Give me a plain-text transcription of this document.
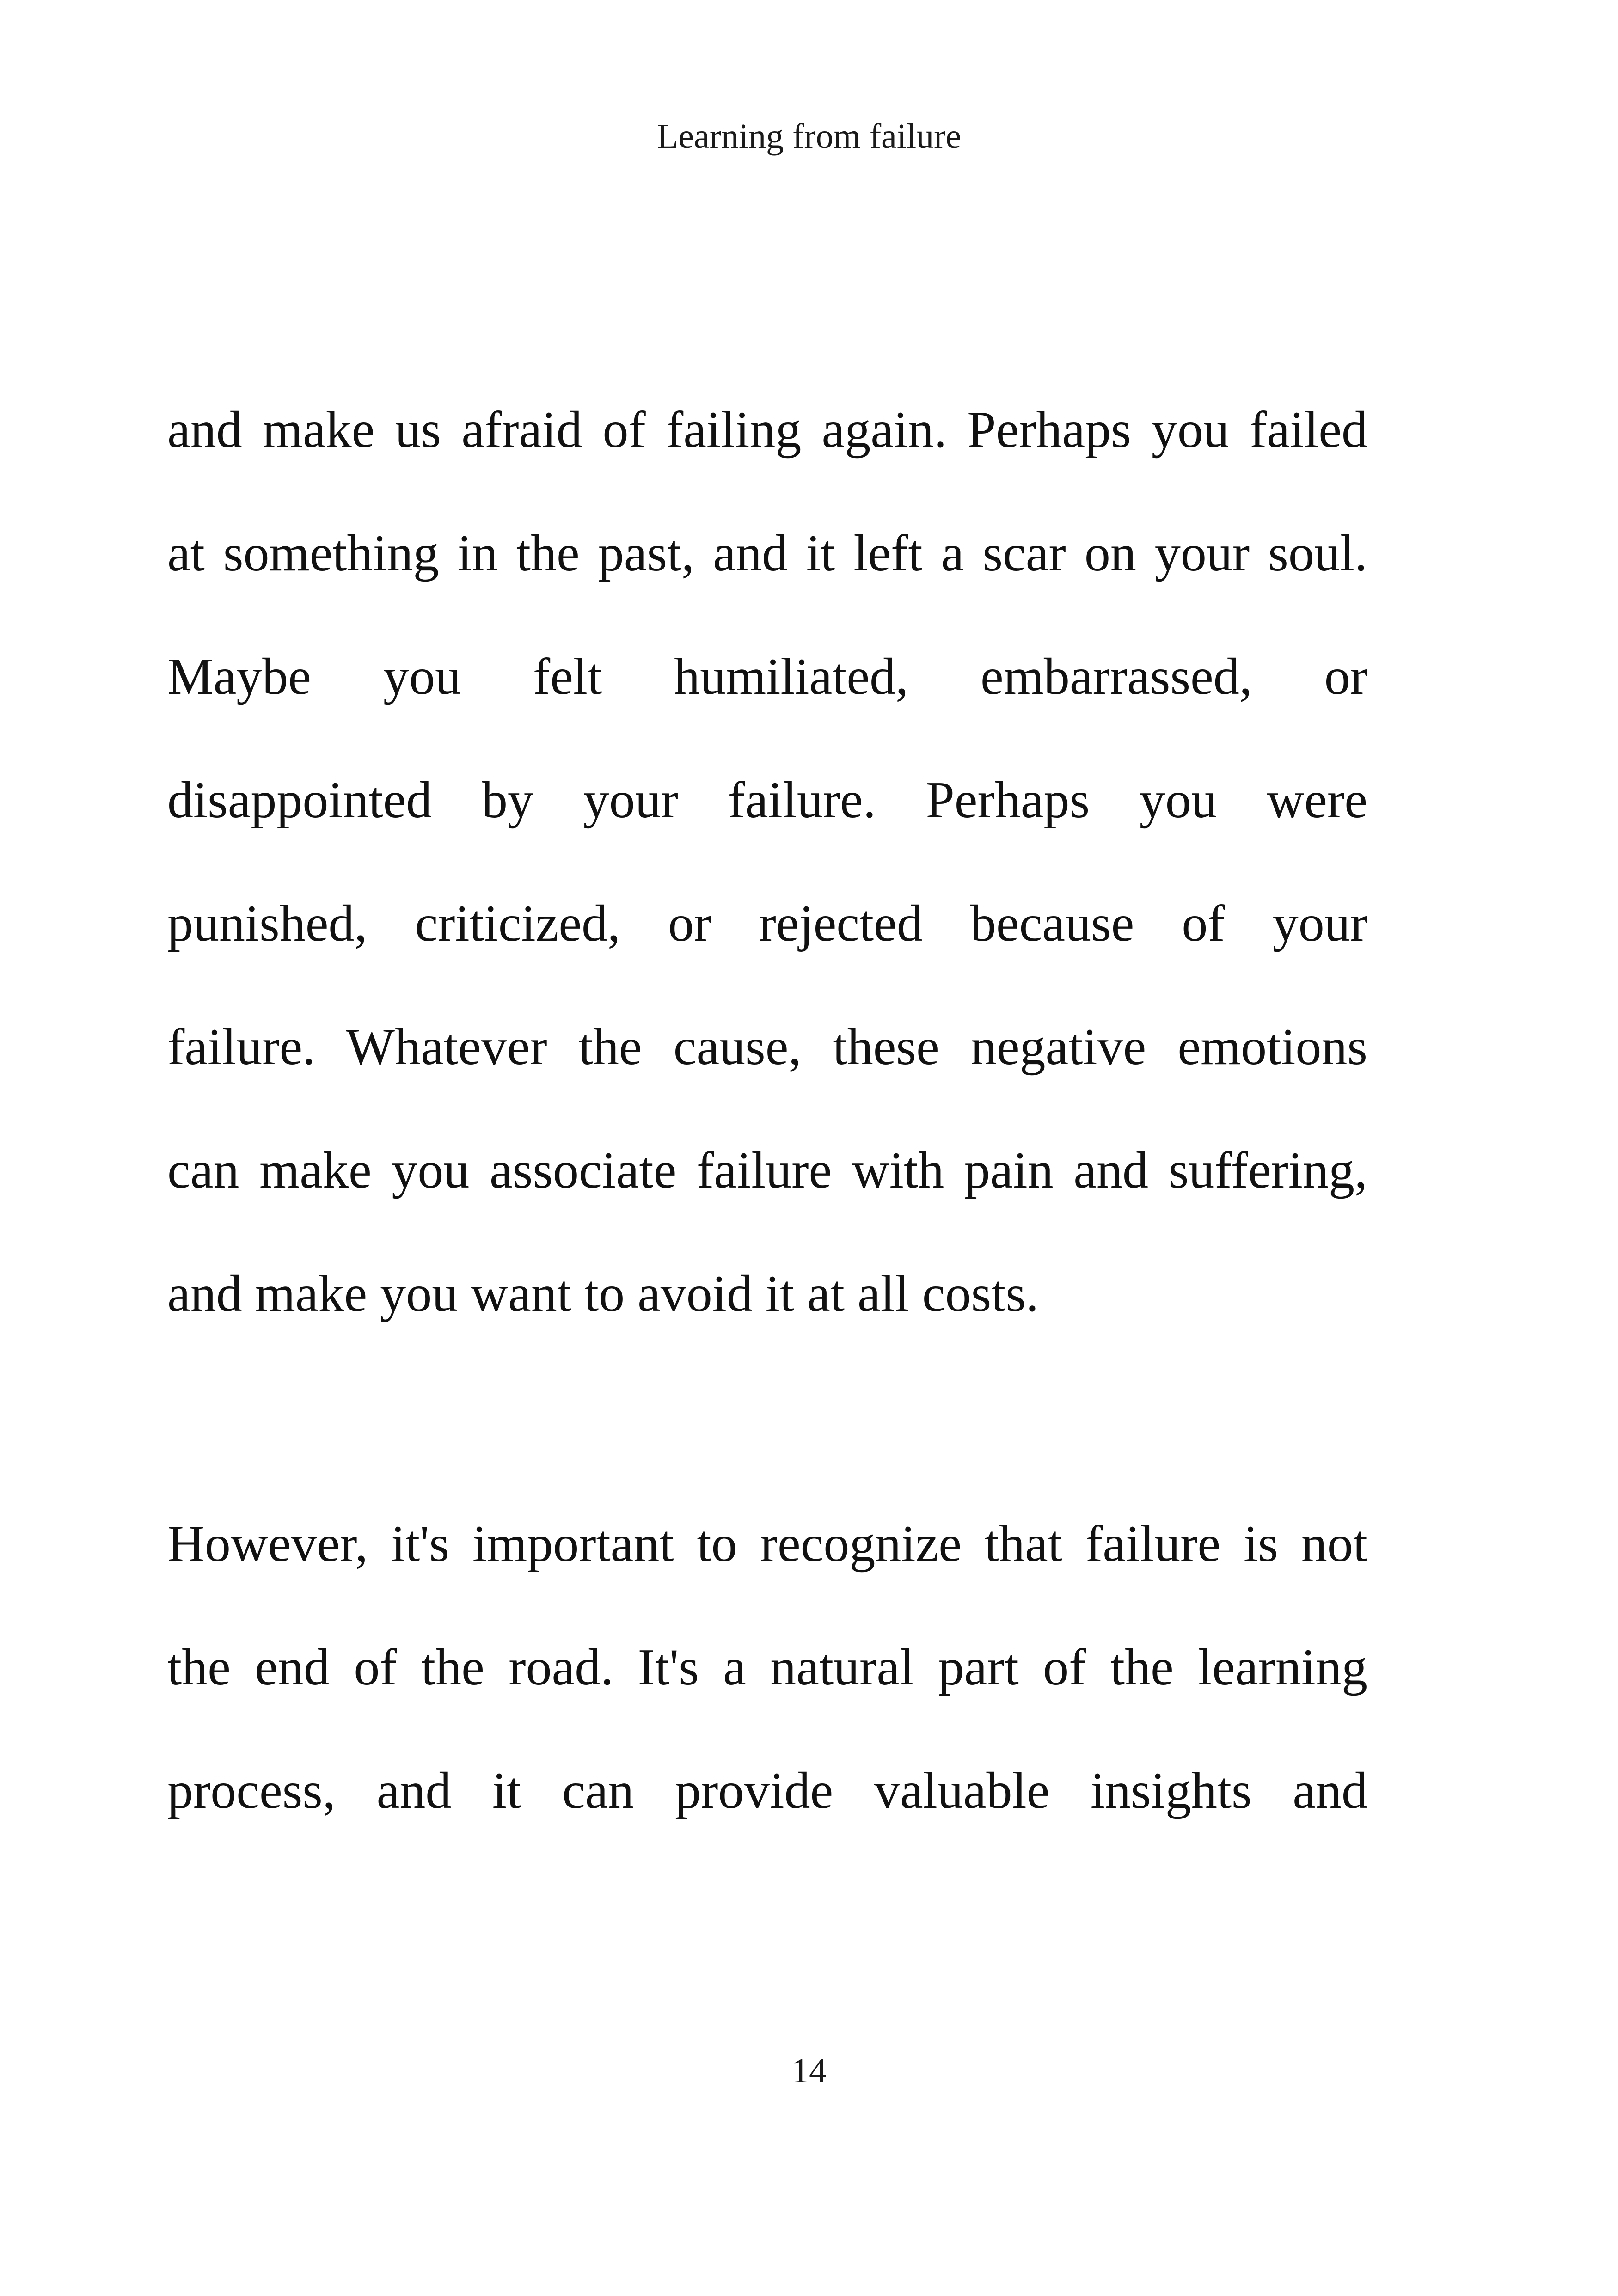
Learning from failure
and make us afraid of failing again. Perhaps you failed
at something in the past, and it left a scar on your soul.
Maybe you felt humiliated, embarrassed, or
disappointed by your failure. Perhaps you were
punished, criticized, or rejected because of your
failure. Whatever the cause, these negative emotions
can make you associate failure with pain and suffering,
and make you want to avoid it at all costs.
However, it's important to recognize that failure is not
the end of the road. It's a natural part of the learning
process, and it can provide valuable insights and
14
